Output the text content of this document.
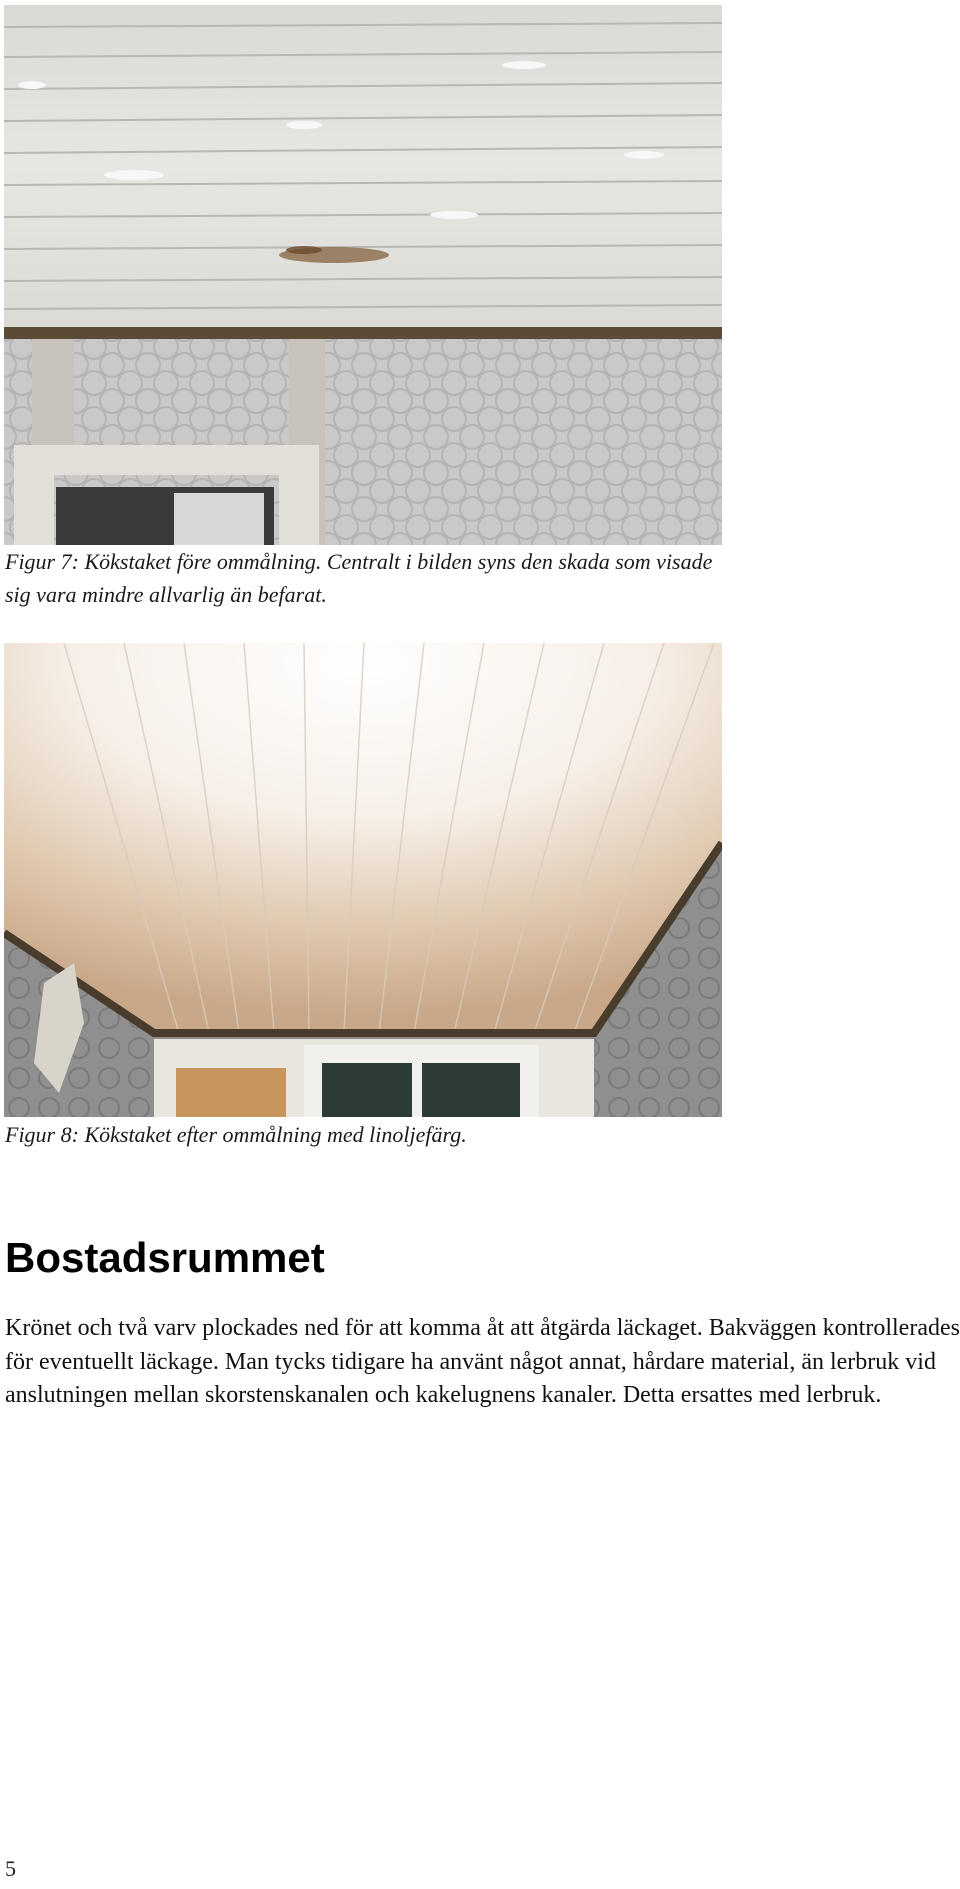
Figur 7: Kökstaket före ommålning. Centralt i bilden syns den skada som visade sig vara mindre allvarlig än befarat.
Figur 8: Kökstaket efter ommålning med linoljefärg.
Bostadsrummet

Krönet och två varv plockades ned för att komma åt att åtgärda läckaget. Bakväggen kontrollerades för eventuellt läckage. Man tycks tidigare ha använt något annat, hårdare material, än lerbruk vid anslutningen mellan skorstenskanalen och kakelugnens kanaler. Detta ersattes med lerbruk.

5
